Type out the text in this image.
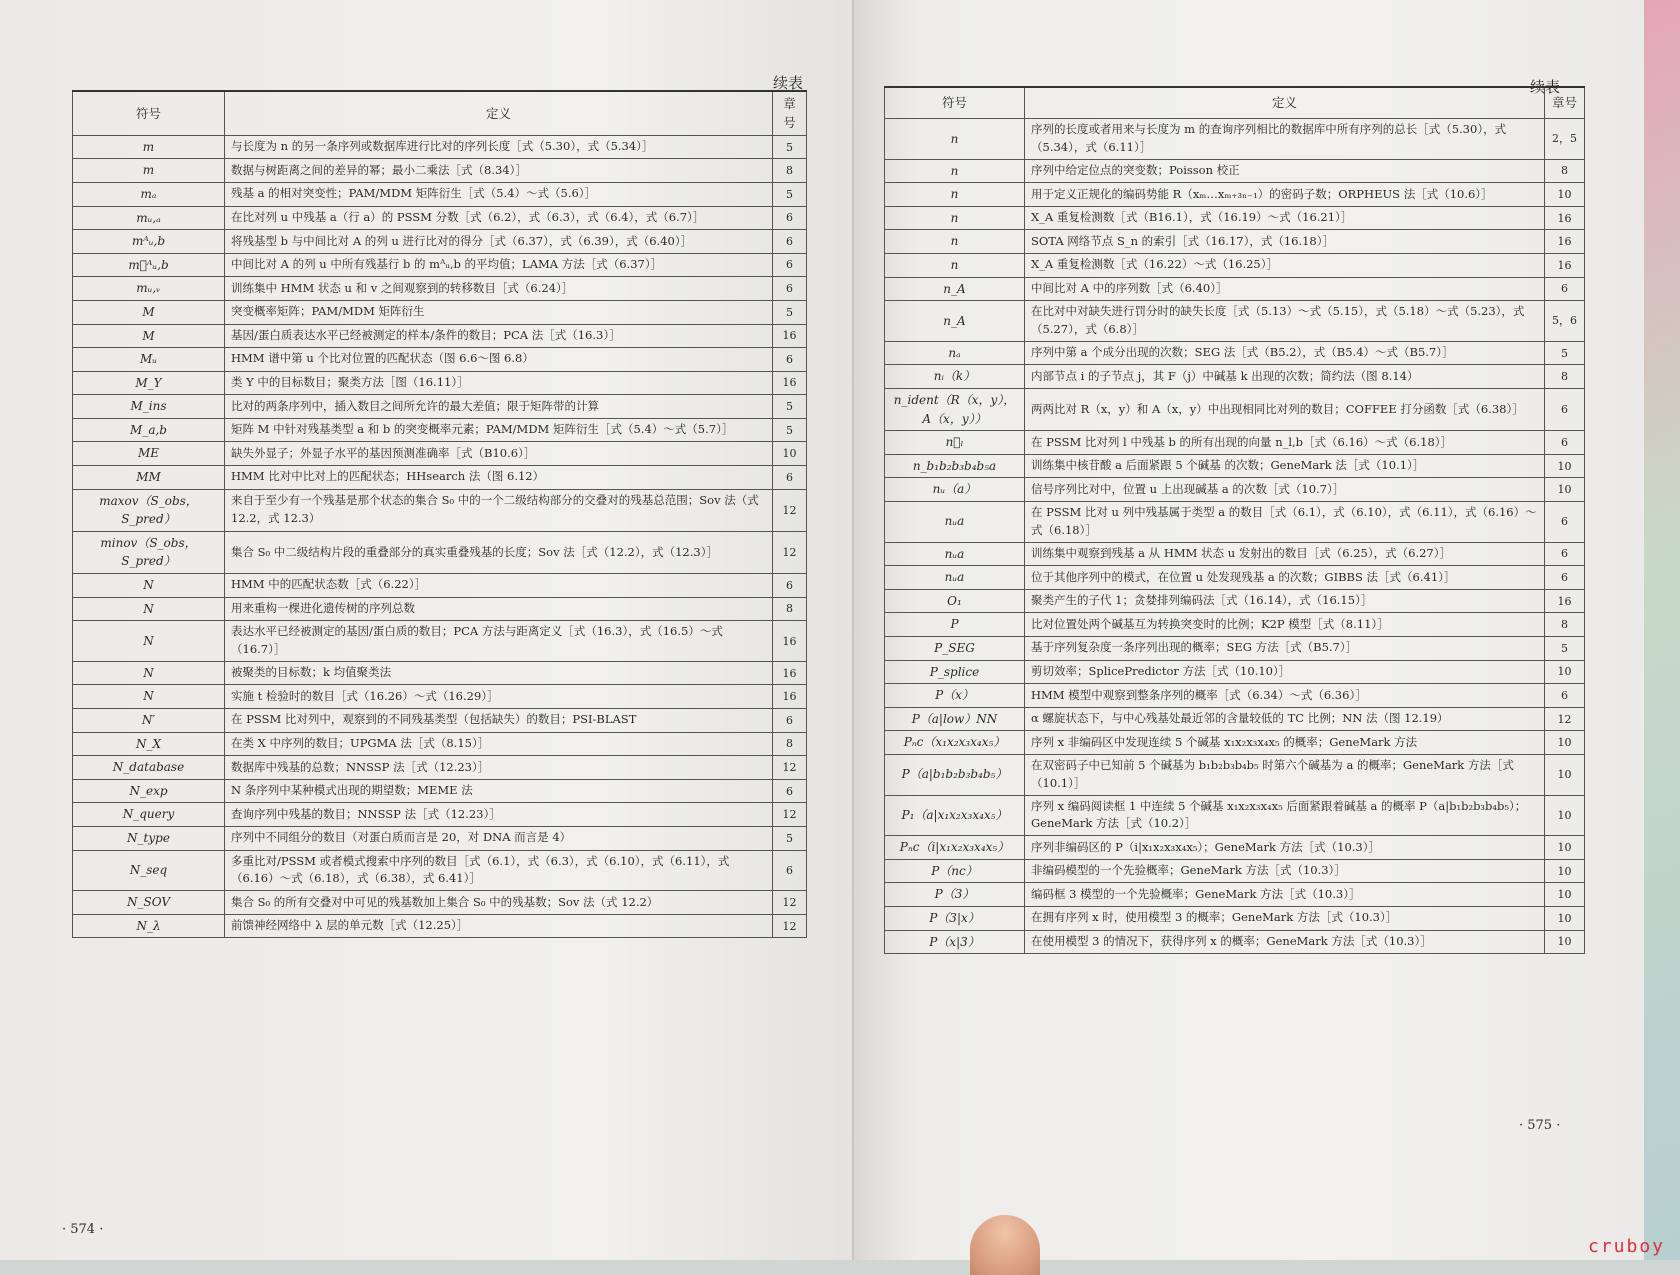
续表
符号	定义	章号
m	与长度为 n 的另一条序列或数据库进行比对的序列长度［式（5.30），式（5.34）］	5
m	数据与树距离之间的差异的幂；最小二乘法［式（8.34）］	8
mₐ	残基 a 的相对突变性；PAM/MDM 矩阵衍生［式（5.4）～式（5.6）］	5
mᵤ,ₐ	在比对列 u 中残基 a（行 a）的 PSSM 分数［式（6.2），式（6.3），式（6.4），式（6.7）］	6
mᴬᵤ,b	将残基型 b 与中间比对 A 的列 u 进行比对的得分［式（6.37），式（6.39），式（6.40）］	6
m⃗ᴬᵤ,b	中间比对 A 的列 u 中所有残基行 b 的 mᴬᵤ,b 的平均值；LAMA 方法［式（6.37）］	6
mᵤ,ᵥ	训练集中 HMM 状态 u 和 v 之间观察到的转移数目［式（6.24）］	6
M	突变概率矩阵；PAM/MDM 矩阵衍生	5
M	基因/蛋白质表达水平已经被测定的样本/条件的数目；PCA 法［式（16.3）］	16
Mᵤ	HMM 谱中第 u 个比对位置的匹配状态（图 6.6～图 6.8）	6
M_Y	类 Y 中的目标数目；聚类方法［图（16.11）］	16
M_ins	比对的两条序列中，插入数目之间所允许的最大差值；限于矩阵带的计算	5
M_a,b	矩阵 M 中针对残基类型 a 和 b 的突变概率元素；PAM/MDM 矩阵衍生［式（5.4）～式（5.7）］	5
ME	缺失外显子；外显子水平的基因预测准确率［式（B10.6）］	10
MM	HMM 比对中比对上的匹配状态；HHsearch 法（图 6.12）	6
maxov（S_obs，S_pred）	来自于至少有一个残基是那个状态的集合 S₀ 中的一个二级结构部分的交叠对的残基总范围；Sov 法（式 12.2，式 12.3）	12
minov（S_obs，S_pred）	集合 S₀ 中二级结构片段的重叠部分的真实重叠残基的长度；Sov 法［式（12.2），式（12.3）］	12
N	HMM 中的匹配状态数［式（6.22）］	6
N	用来重构一棵进化遗传树的序列总数	8
N	表达水平已经被测定的基因/蛋白质的数目；PCA 方法与距离定义［式（16.3），式（16.5）～式（16.7）］	16
N	被聚类的目标数；k 均值聚类法	16
N	实施 t 检验时的数目［式（16.26）～式（16.29）］	16
N′	在 PSSM 比对列中，观察到的不同残基类型（包括缺失）的数目；PSI-BLAST	6
N_X	在类 X 中序列的数目；UPGMA 法［式（8.15）］	8
N_database	数据库中残基的总数；NNSSP 法［式（12.23）］	12
N_exp	N 条序列中某种模式出现的期望数；MEME 法	6
N_query	查询序列中残基的数目；NNSSP 法［式（12.23）］	12
N_type	序列中不同组分的数目（对蛋白质而言是 20，对 DNA 而言是 4）	5
N_seq	多重比对/PSSM 或者模式搜索中序列的数目［式（6.1），式（6.3），式（6.10），式（6.11），式（6.16）～式（6.18），式（6.38），式 6.41）］	6
N_SOV	集合 S₀ 的所有交叠对中可见的残基数加上集合 S₀ 中的残基数；Sov 法（式 12.2）	12
N_λ	前馈神经网络中 λ 层的单元数［式（12.25）］	12
· 574 ·
续表
符号	定义	章号
n	序列的长度或者用来与长度为 m 的查询序列相比的数据库中所有序列的总长［式（5.30），式（5.34），式（6.11）］	2，5
n	序列中给定位点的突变数；Poisson 校正	8
n	用于定义正规化的编码势能 R（xₘ…xₘ₊₃ₙ₋₁）的密码子数；ORPHEUS 法［式（10.6）］	10
n	X_A 重复检测数［式（B16.1），式（16.19）～式（16.21）］	16
n	SOTA 网络节点 S_n 的索引［式（16.17），式（16.18）］	16
n	X_A 重复检测数［式（16.22）～式（16.25）］	16
n_A	中间比对 A 中的序列数［式（6.40）］	6
n_A	在比对中对缺失进行罚分时的缺失长度［式（5.13）～式（5.15），式（5.18）～式（5.23），式（5.27），式（6.8）］	5，6
nₐ	序列中第 a 个成分出现的次数；SEG 法［式（B5.2），式（B5.4）～式（B5.7）］	5
nᵢ（k）	内部节点 i 的子节点 j，其 F（j）中碱基 k 出现的次数；简约法（图 8.14）	8
n_ident（R（x，y），A（x，y））	两两比对 R（x，y）和 A（x，y）中出现相同比对列的数目；COFFEE 打分函数［式（6.38）］	6
n⃗ₗ	在 PSSM 比对列 l 中残基 b 的所有出现的向量 n_l,b［式（6.16）～式（6.18）］	6
n_b₁b₂b₃b₄b₅a	训练集中核苷酸 a 后面紧跟 5 个碱基 的次数；GeneMark 法［式（10.1）］	10
nᵤ（a）	信号序列比对中，位置 u 上出现碱基 a 的次数［式（10.7）］	10
nᵤa	在 PSSM 比对 u 列中残基属于类型 a 的数目［式（6.1），式（6.10），式（6.11），式（6.16）～式（6.18）］	6
nᵤa	训练集中观察到残基 a 从 HMM 状态 u 发射出的数目［式（6.25），式（6.27）］	6
nᵤa	位于其他序列中的模式，在位置 u 处发现残基 a 的次数；GIBBS 法［式（6.41）］	6
O₁	聚类产生的子代 1；贪婪排列编码法［式（16.14），式（16.15）］	16
P	比对位置处两个碱基互为转换突变时的比例；K2P 模型［式（8.11）］	8
P_SEG	基于序列复杂度一条序列出现的概率；SEG 方法［式（B5.7）］	5
P_splice	剪切效率；SplicePredictor 方法［式（10.10）］	10
P（x）	HMM 模型中观察到整条序列的概率［式（6.34）～式（6.36）］	6
P（a|low）NN	α 螺旋状态下，与中心残基处最近邻的含量较低的 TC 比例；NN 法（图 12.19）	12
Pₙc（x₁x₂x₃x₄x₅）	序列 x 非编码区中发现连续 5 个碱基 x₁x₂x₃x₄x₅ 的概率；GeneMark 方法	10
P（a|b₁b₂b₃b₄b₅）	在双密码子中已知前 5 个碱基为 b₁b₂b₃b₄b₅ 时第六个碱基为 a 的概率；GeneMark 方法［式（10.1）］	10
P₁（a|x₁x₂x₃x₄x₅）	序列 x 编码阅读框 1 中连续 5 个碱基 x₁x₂x₃x₄x₅ 后面紧跟着碱基 a 的概率 P（a|b₁b₂b₃b₄b₅）；GeneMark 方法［式（10.2）］	10
Pₙc（i|x₁x₂x₃x₄x₅）	序列非编码区的 P（i|x₁x₂x₃x₄x₅）；GeneMark 方法［式（10.3）］	10
P（nc）	非编码模型的一个先验概率；GeneMark 方法［式（10.3）］	10
P（3）	编码框 3 模型的一个先验概率；GeneMark 方法［式（10.3）］	10
P（3|x）	在拥有序列 x 时，使用模型 3 的概率；GeneMark 方法［式（10.3）］	10
P（x|3）	在使用模型 3 的情况下，获得序列 x 的概率；GeneMark 方法［式（10.3）］	10
· 575 ·
cruboy
